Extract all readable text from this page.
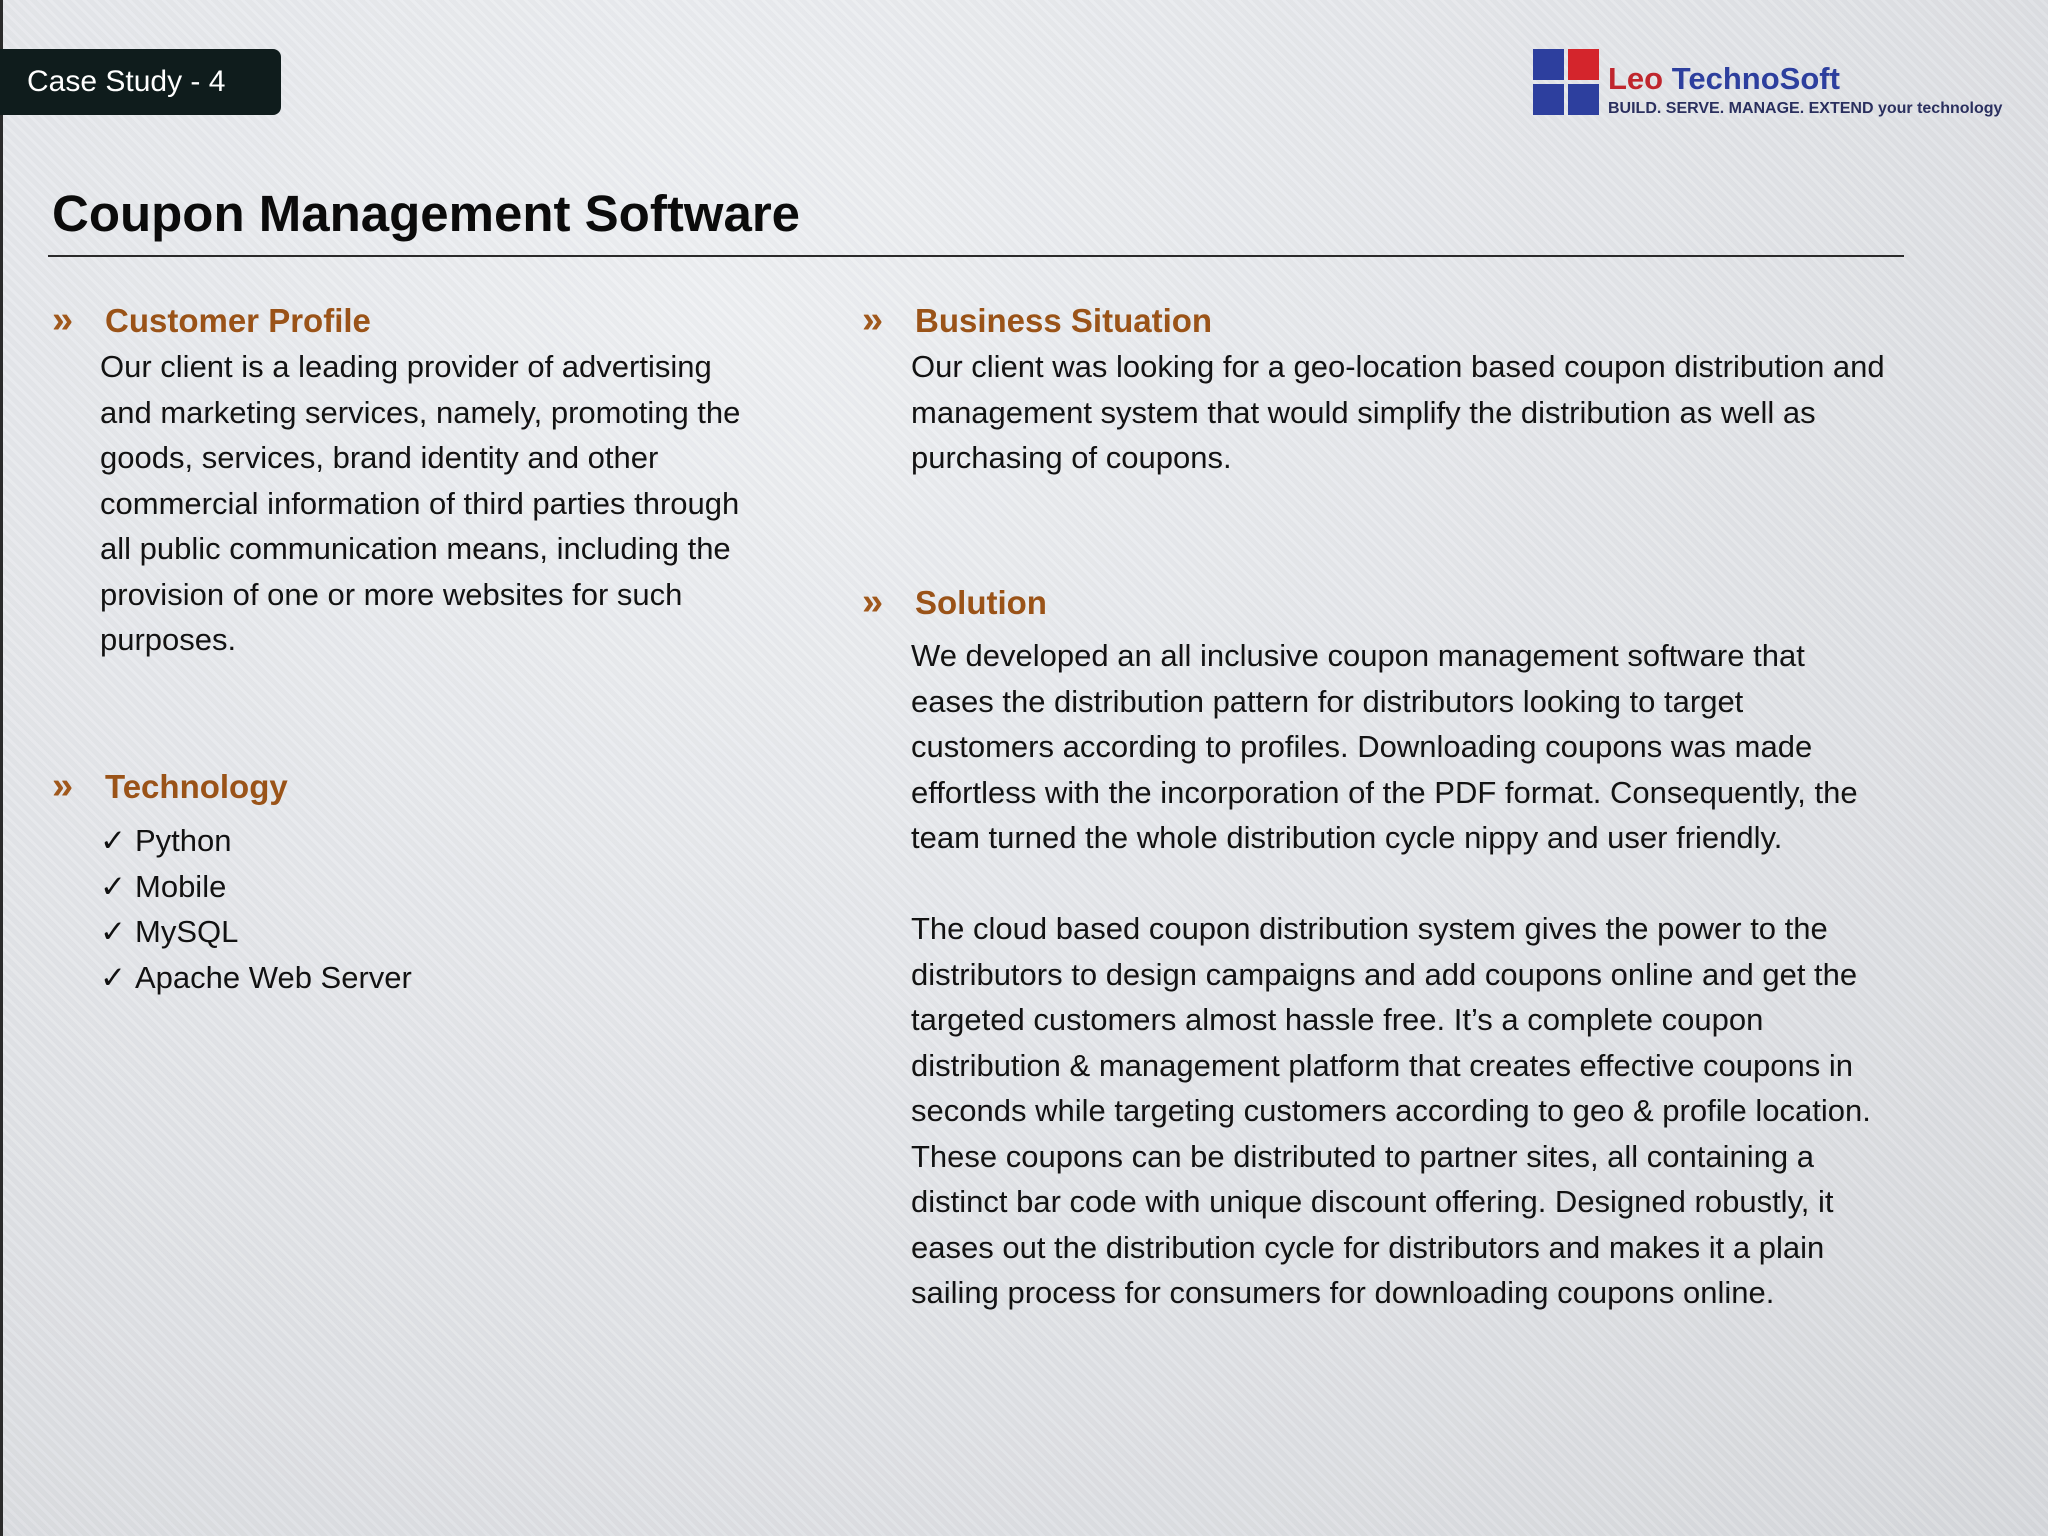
Case Study - 4	Leo TechnoSoft
BUILD. SERVE. MANAGE. EXTEND your technology
Coupon Management Software
» Customer Profile

Our client is a leading provider of advertising
and marketing services, namely, promoting the
goods, services, brand identity and other
commercial information of third parties through
all public communication means, including the
provision of one or more websites for such
purposes.

» Technology
✓ Python
✓ Mobile
✓ MySQL
✓ Apache Web Server
» Business Situation

Our client was looking for a geo-location based coupon distribution and
management system that would simplify the distribution as well as
purchasing of coupons.

» Solution

We developed an all inclusive coupon management software that
eases the distribution pattern for distributors looking to target
customers according to profiles. Downloading coupons was made
effortless with the incorporation of the PDF format. Consequently, the
team turned the whole distribution cycle nippy and user friendly.

The cloud based coupon distribution system gives the power to the
distributors to design campaigns and add coupons online and get the
targeted customers almost hassle free. It’s a complete coupon
distribution & management platform that creates effective coupons in
seconds while targeting customers according to geo & profile location.
These coupons can be distributed to partner sites, all containing a
distinct bar code with unique discount offering. Designed robustly, it
eases out the distribution cycle for distributors and makes it a plain
sailing process for consumers for downloading coupons online.
